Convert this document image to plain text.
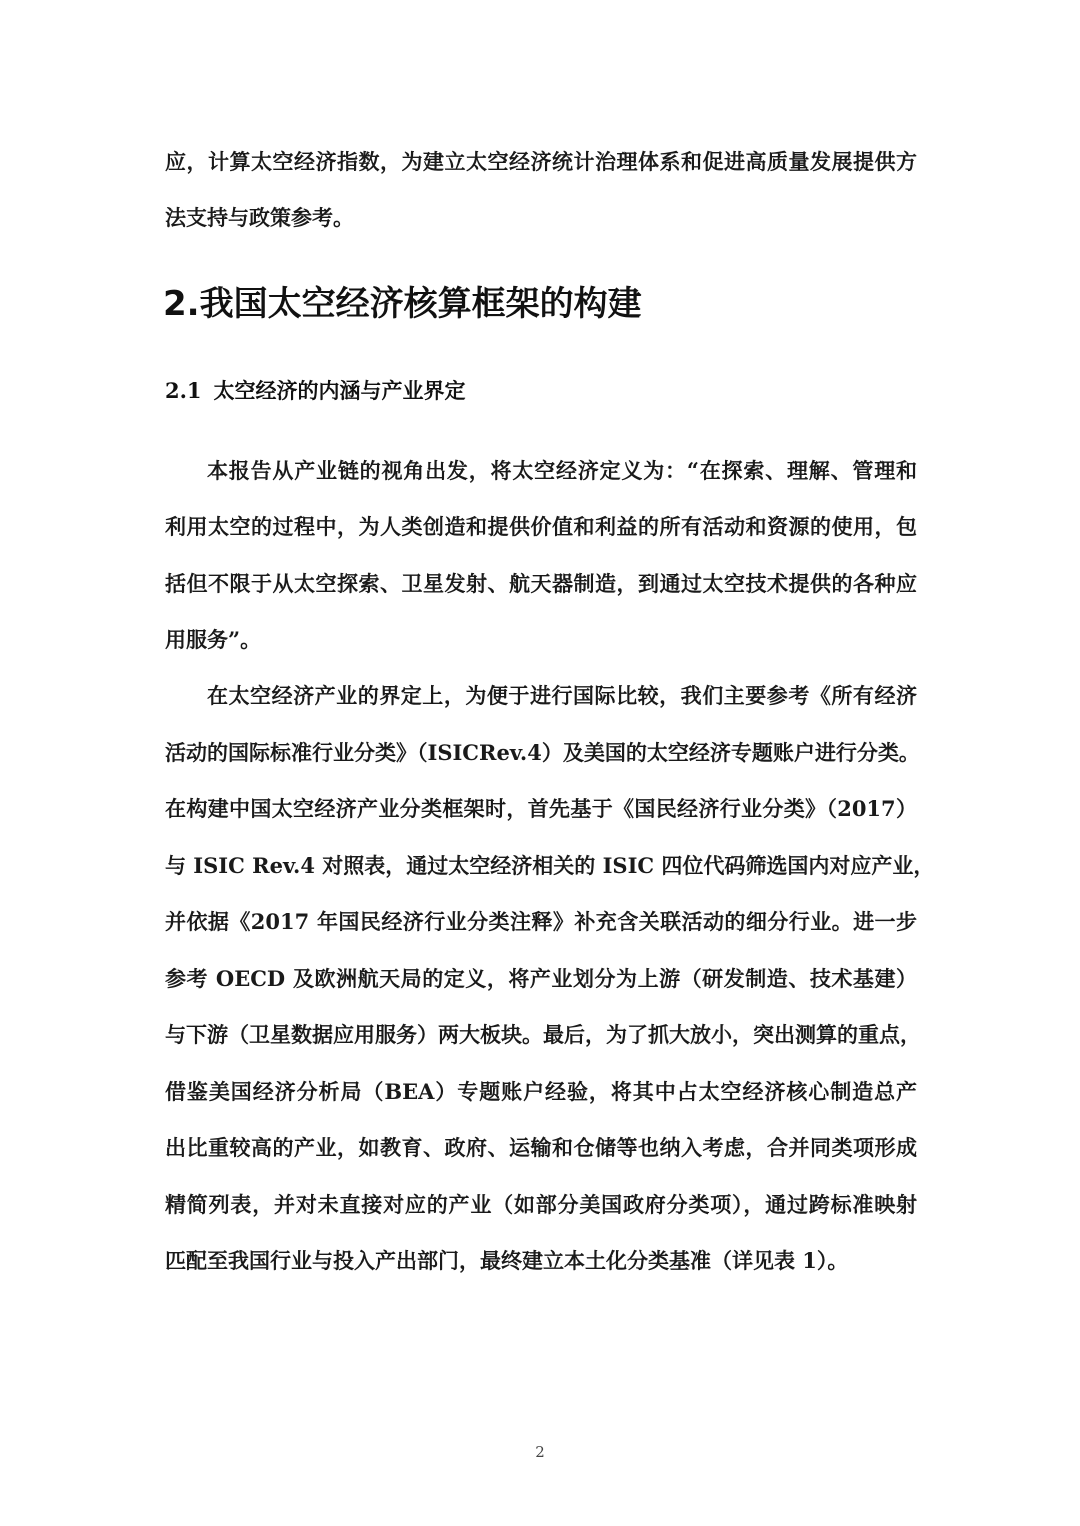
应，计算太空经济指数，为建立太空经济统计治理体系和促进高质量发展提供方
法支持与政策参考。
2.我国太空经济核算框架的构建
2.1 太空经济的内涵与产业界定
本报告从产业链的视角出发，将太空经济定义为：“在探索、理解、管理和
利用太空的过程中，为人类创造和提供价值和利益的所有活动和资源的使用，包
括但不限于从太空探索、卫星发射、航天器制造，到通过太空技术提供的各种应
用服务”。
在太空经济产业的界定上，为便于进行国际比较，我们主要参考《所有经济
活动的国际标准行业分类》（ISICRev.4）及美国的太空经济专题账户进行分类。
在构建中国太空经济产业分类框架时，首先基于《国民经济行业分类》（2017）
与 ISIC Rev.4 对照表，通过太空经济相关的 ISIC 四位代码筛选国内对应产业，
并依据《2017 年国民经济行业分类注释》补充含关联活动的细分行业。进一步
参考 OECD 及欧洲航天局的定义，将产业划分为上游（研发制造、技术基建）
与下游（卫星数据应用服务）两大板块。最后，为了抓大放小，突出测算的重点，
借鉴美国经济分析局（BEA）专题账户经验，将其中占太空经济核心制造总产
出比重较高的产业，如教育、政府、运输和仓储等也纳入考虑，合并同类项形成
精简列表，并对未直接对应的产业（如部分美国政府分类项），通过跨标准映射
匹配至我国行业与投入产出部门，最终建立本土化分类基准（详见表 1）。
2
